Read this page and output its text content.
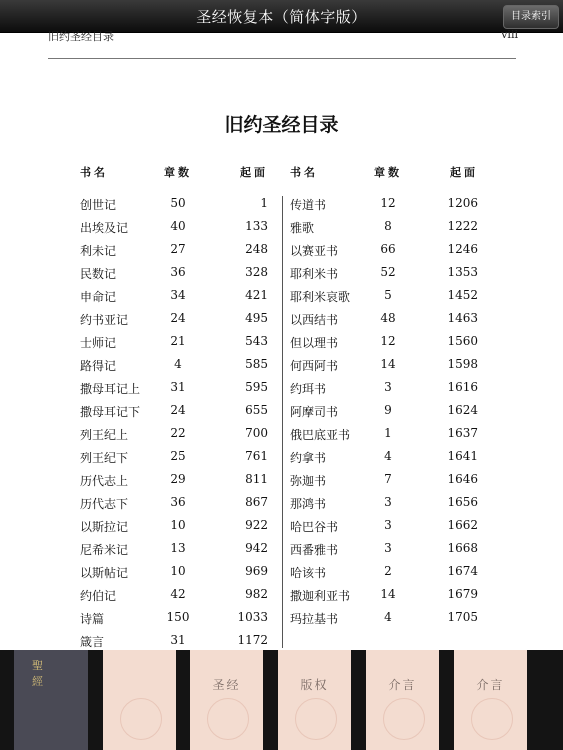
圣经恢复本（简体字版）	目录索引
旧约圣经目录	viii
旧约圣经目录
书名	章数	起面
创世记	50	1
出埃及记	40	133
利未记	27	248
民数记	36	328
申命记	34	421
约书亚记	24	495
士师记	21	543
路得记	4	585
撒母耳记上	31	595
撒母耳记下	24	655
列王纪上	22	700
列王纪下	25	761
历代志上	29	811
历代志下	36	867
以斯拉记	10	922
尼希米记	13	942
以斯帖记	10	969
约伯记	42	982
诗篇	150	1033
箴言	31	1172
书名	章数	起面
传道书	12	1206
雅歌	8	1222
以赛亚书	66	1246
耶利米书	52	1353
耶利米哀歌	5	1452
以西结书	48	1463
但以理书	12	1560
何西阿书	14	1598
约珥书	3	1616
阿摩司书	9	1624
俄巴底亚书	1	1637
约拿书	4	1641
弥迦书	7	1646
那鸿书	3	1656
哈巴谷书	3	1662
西番雅书	3	1668
哈该书	2	1674
撒迦利亚书	14	1679
玛拉基书	4	1705
聖經	圣经	版权	介言	介言
